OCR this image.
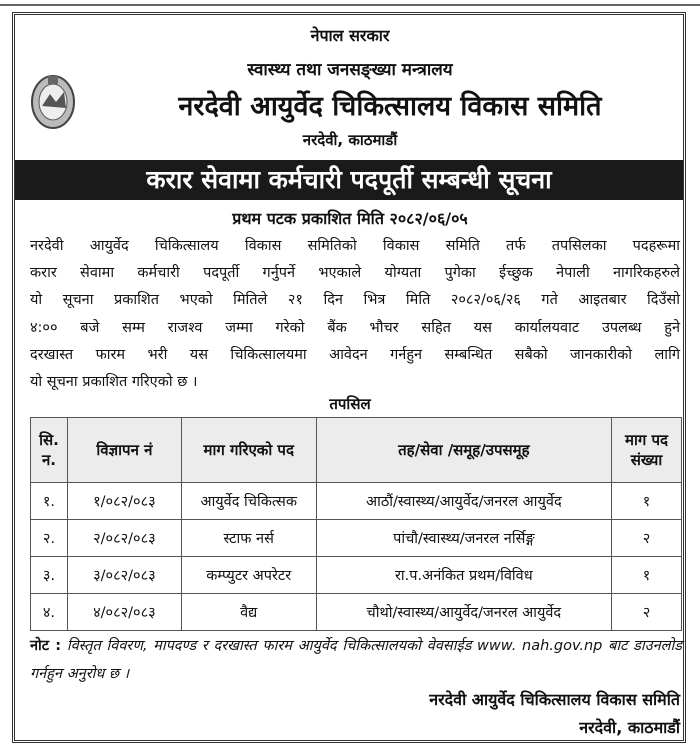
नेपाल सरकार
स्वास्थ्य तथा जनसङ्ख्या मन्त्रालय
नरदेवी आयुर्वेद चिकित्सालय विकास समिति
नरदेवी, काठमाडौं
करार सेवामा कर्मचारी पदपूर्ती सम्बन्धी सूचना
प्रथम पटक प्रकाशित मिति २०८२/०६/०५
नरदेवी आयुर्वेद चिकित्सालय विकास समितिको विकास समिति तर्फ तपसिलका पदहरूमा
करार सेवामा कर्मचारी पदपूर्ती गर्नुपर्ने भएकाले योग्यता पुगेका ईच्छुक नेपाली नागरिकहरुले
यो सूचना प्रकाशित भएको मितिले २१ दिन भित्र मिति २०८२/०६/२६ गते आइतबार दिउँसो
४:०० बजे सम्म राजश्व जम्मा गरेको बैंक भौचर सहित यस कार्यालयवाट उपलब्ध हुने
दरखास्त फारम भरी यस चिकित्सालयमा आवेदन गर्नहुन सम्बन्धित सबैको जानकारीको लागि
यो सूचना प्रकाशित गरिएको छ ।
तपसिल
सि. न.	विज्ञापन नं	माग गरिएको पद	तह/सेवा /समूह/उपसमूह	माग पद संख्या
१.	१/०८२/०८३	आयुर्वेद चिकित्सक	आठौं/स्वास्थ्य/आयुर्वेद/जनरल आयुर्वेद	१
२.	२/०८२/०८३	स्टाफ नर्स	पांचौ/स्वास्थ्य/जनरल नर्सिङ्ग	२
३.	३/०८२/०८३	कम्प्युटर अपरेटर	रा.प.अनंकित प्रथम/विविध	१
४.	४/०८२/०८३	वैद्य	चौथो/स्वास्थ्य/आयुर्वेद/जनरल आयुर्वेद	२
नोट : विस्तृत विवरण, मापदण्ड र दरखास्त फारम आयुर्वेद चिकित्सालयको वेवसाईड www. nah.gov.np बाट डाउनलोड गर्नहुन अनुरोध छ ।
नरदेवी आयुर्वेद चिकित्सालय विकास समिति
नरदेवी, काठमाडौं
